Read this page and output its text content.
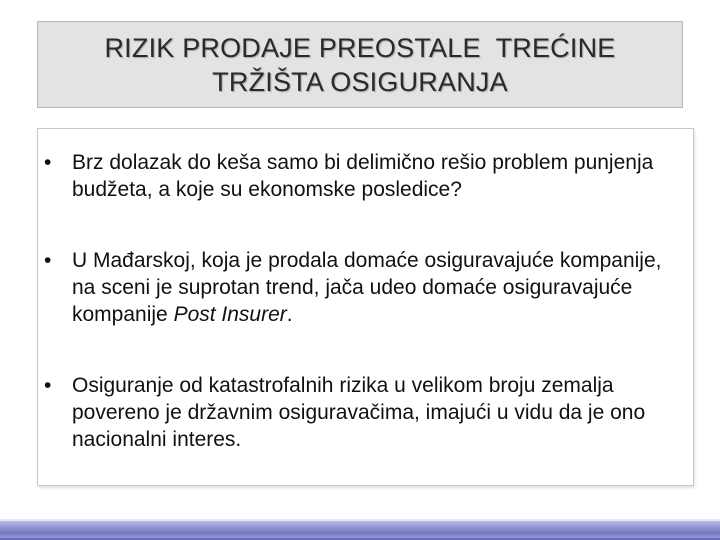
RIZIK PRODAJE PREOSTALE  TREĆINE
TRŽIŠTA OSIGURANJA
• Brz dolazak do keša samo bi delimično rešio problem punjenja budžeta, a koje su ekonomske posledice?
• U Mađarskoj, koja je prodala domaće osiguravajuće kompanije, na sceni je suprotan trend, jača udeo domaće osiguravajuće kompanije Post Insurer.
• Osiguranje od katastrofalnih rizika u velikom broju zemalja povereno je državnim osiguravačima, imajući u vidu da je ono nacionalni interes.
